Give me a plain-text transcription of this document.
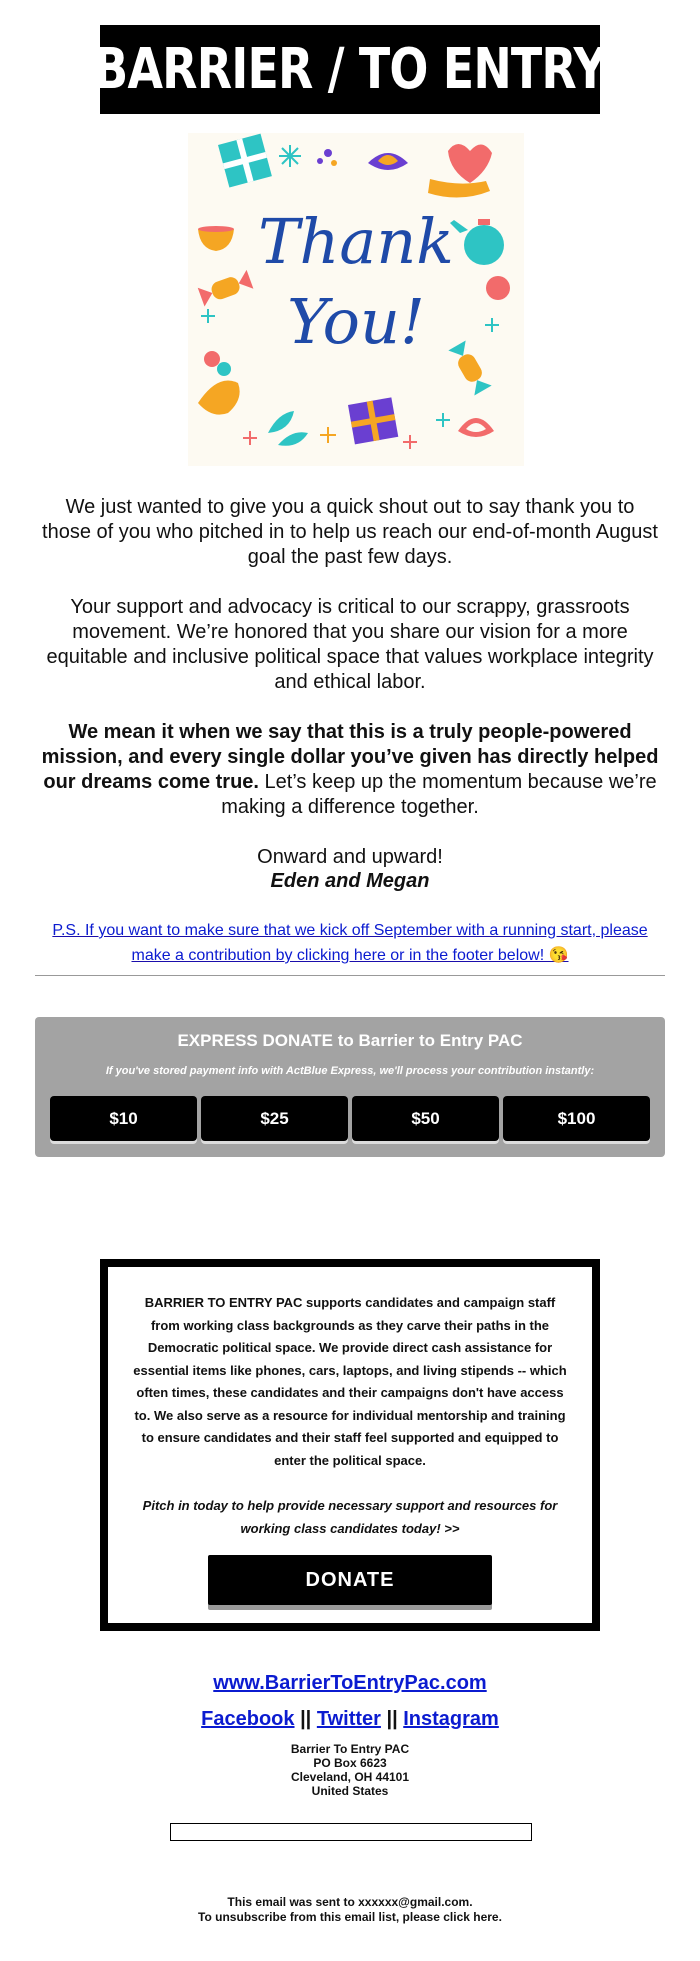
BARRIER / TO ENTRY
Thank
You!
We just wanted to give you a quick shout out to say thank you to those of you who pitched in to help us reach our end-of-month August goal the past few days.
Your support and advocacy is critical to our scrappy, grassroots movement. We’re honored that you share our vision for a more equitable and inclusive political space that values workplace integrity and ethical labor.
We mean it when we say that this is a truly people-powered mission, and every single dollar you’ve given has directly helped our dreams come true. Let’s keep up the momentum because we’re making a difference together.
Onward and upward!
Eden and Megan
P.S. If you want to make sure that we kick off September with a running start, please make a contribution by clicking here or in the footer below! 😘
EXPRESS DONATE to Barrier to Entry PAC
If you've stored payment info with ActBlue Express, we'll process your contribution instantly:
$10	$25	$50	$100
BARRIER TO ENTRY PAC supports candidates and campaign staff from working class backgrounds as they carve their paths in the Democratic political space. We provide direct cash assistance for essential items like phones, cars, laptops, and living stipends -- which often times, these candidates and their campaigns don't have access to. We also serve as a resource for individual mentorship and training to ensure candidates and their staff feel supported and equipped to enter the political space.
Pitch in today to help provide necessary support and resources for working class candidates today! >>
DONATE
www.BarrierToEntryPac.com
Facebook || Twitter || Instagram
Barrier To Entry PAC
PO Box 6623
Cleveland, OH 44101
United States
This email was sent to xxxxxx@gmail.com.
To unsubscribe from this email list, please click here.
